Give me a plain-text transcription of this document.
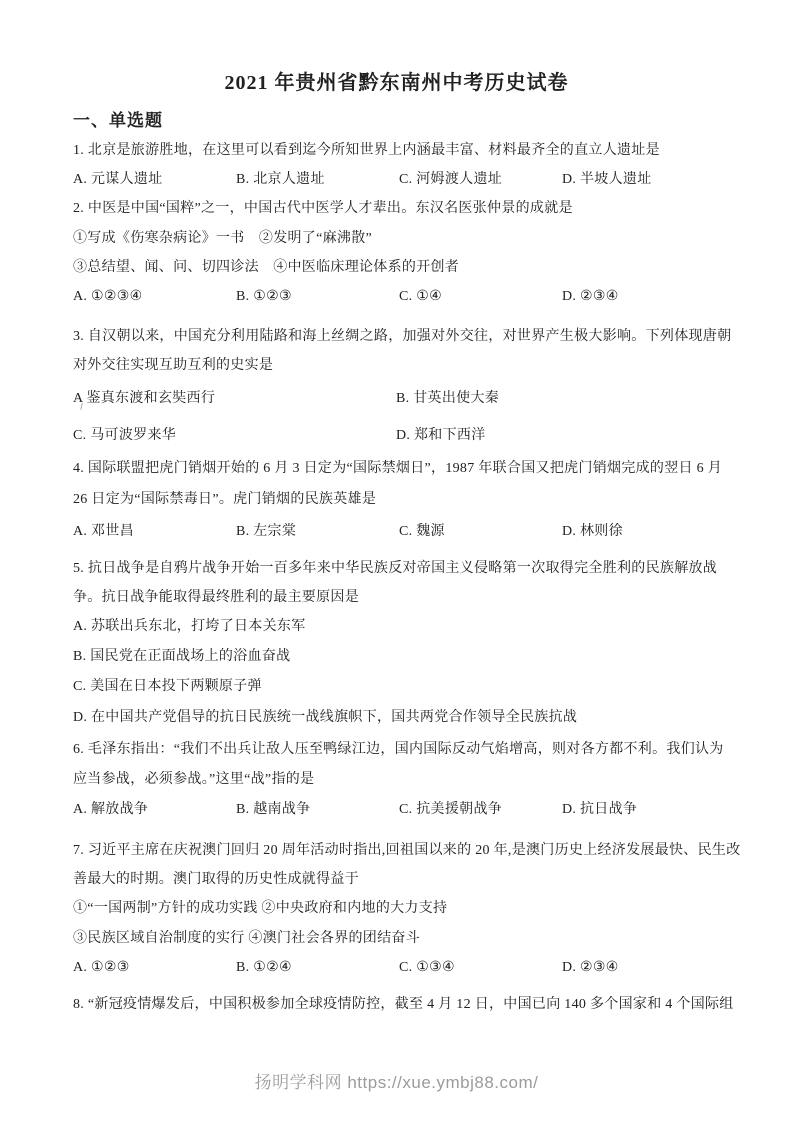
2021 年贵州省黔东南州中考历史试卷
一、单选题
1. 北京是旅游胜地，在这里可以看到迄今所知世界上内涵最丰富、材料最齐全的直立人遗址是
A. 元谋人遗址	B. 北京人遗址	C. 河姆渡人遗址	D. 半坡人遗址
2. 中医是中国“国粹”之一，中国古代中医学人才辈出。东汉名医张仲景的成就是
①写成《伤寒杂病论》一书　②发明了“麻沸散”
③总结望、闻、问、切四诊法　④中医临床理论体系的开创者
A. ①②③④	B. ①②③	C. ①④	D. ②③④
3. 自汉朝以来，中国充分利用陆路和海上丝绸之路，加强对外交往，对世界产生极大影响。下列体现唐朝
对外交往实现互助互利的史实是
A 鉴真东渡和玄奘西行	B. 甘英出使大秦
C. 马可波罗来华	D. 郑和下西洋
4. 国际联盟把虎门销烟开始的 6 月 3 日定为“国际禁烟日”，1987 年联合国又把虎门销烟完成的翌日 6 月
26 日定为“国际禁毒日”。虎门销烟的民族英雄是
A. 邓世昌	B. 左宗棠	C. 魏源	D. 林则徐
5. 抗日战争是自鸦片战争开始一百多年来中华民族反对帝国主义侵略第一次取得完全胜利的民族解放战
争。抗日战争能取得最终胜利的最主要原因是
A. 苏联出兵东北，打垮了日本关东军
B. 国民党在正面战场上的浴血奋战
C. 美国在日本投下两颗原子弹
D. 在中国共产党倡导的抗日民族统一战线旗帜下，国共两党合作领导全民族抗战
6. 毛泽东指出：“我们不出兵让敌人压至鸭绿江边，国内国际反动气焰增高，则对各方都不利。我们认为
应当参战，必须参战。”这里“战”指的是
A. 解放战争	B. 越南战争	C. 抗美援朝战争	D. 抗日战争
7. 习近平主席在庆祝澳门回归 20 周年活动时指出,回祖国以来的 20 年,是澳门历史上经济发展最快、民生改
善最大的时期。澳门取得的历史性成就得益于
①“一国两制”方针的成功实践 ②中央政府和内地的大力支持
③民族区域自治制度的实行 ④澳门社会各界的团结奋斗
A. ①②③	B. ①②④	C. ①③④	D. ②③④
8. “新冠疫情爆发后，中国积极参加全球疫情防控，截至 4 月 12 日，中国已向 140 多个国家和 4 个国际组
扬明学科网 https://xue.ymbj88.com/
